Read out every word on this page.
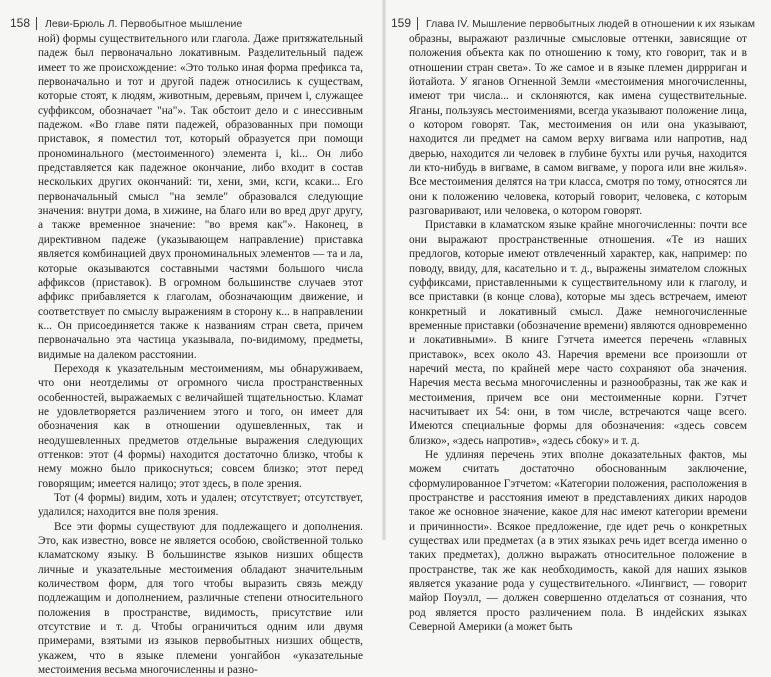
158 Леви-Брюль Л. Первобытное мышление

ной) формы существительного или глагола. Даже притяжательный падеж был первоначально локативным. Разделительный падеж имеет то же происхождение: «Это только иная форма префикса та, первоначально и тот и другой падеж относились к существам, которые стоят, к людям, животным, деревьям, причем i, служащее суффиксом, обозначает "на"». Так обстоит дело и с инессивным падежом. «Во главе пяти падежей, образованных при помощи приставок, я поместил тот, который образуется при помощи прономинального (местоименного) элемента i, ki... Он либо представляется как падежное окончание, либо входит в состав нескольких других окончаний: ти, хени, зми, ксги, ксаки... Его первоначальный смысл "на земле" образовался следующие значения: внутри дома, в хижине, на благо или во вред друг другу, а также временное значение: "во время как"». Наконец, в директивном падеже (указывающем направление) приставка является комбинацией двух прономинальных элементов — та и ла, которые оказываются составными частями большого числа аффиксов (приставок). В огромном большинстве случаев этот аффикс прибавляется к глаголам, обозначающим движение, и соответствует по смыслу выражениям в сторону к... в направлении к... Он присоединяется также к названиям стран света, причем первоначально эта частица указывала, по-видимому, предметы, видимые на далеком расстоянии.

Переходя к указательным местоимениям, мы обнаруживаем, что они неотделимы от огромного числа пространственных особенностей, выражаемых с величайшей тщательностью. Кламат не удовлетворяется различением этого и того, он имеет для обозначения как в отношении одушевленных, так и неодушевленных предметов отдельные выражения следующих оттенков: этот (4 формы) находится достаточно близко, чтобы к нему можно было прикоснуться; совсем близко; этот перед говорящим; имеется налицо; этот здесь, в поле зрения.

Тот (4 формы) видим, хоть и удален; отсутствует; отсутствует, удалился; находится вне поля зрения.

Все эти формы существуют для подлежащего и дополнения. Это, как известно, вовсе не является особою, свойственной только кламатскому языку. В большинстве языков низших обществ личные и указательные местоимения обладают значительным количеством форм, для того чтобы выразить связь между подлежащим и дополнением, различные степени относительного положения в пространстве, видимость, присутствие или отсутствие и т. д. Чтобы ограничиться одним или двумя примерами, взятыми из языков первобытных низших обществ, укажем, что в языке племени уонгайбон «указательные местоимения весьма многочисленны и разно-

159 Глава IV. Мышление первобытных людей в отношении к их языкам

образны, выражают различные смысловые оттенки, зависящие от положения объекта как по отношению к тому, кто говорит, так и в отношении стран света». То же самое и в языке племен диррриган и йотайота. У яганов Огненной Земли «местоимения многочисленны, имеют три числа... и склоняются, как имена существительные. Яганы, пользуясь местоимениями, всегда указывают положение лица, о котором говорят. Так, местоимения он или она указывают, находится ли предмет на самом верху вигвама или напротив, над дверью, находится ли человек в глубине бухты или ручья, находится ли кто-нибудь в вигваме, в самом вигваме, у порога или вне жилья». Все местоимения делятся на три класса, смотря по тому, относятся ли они к положению человека, который говорит, человека, с которым разговаривают, или человека, о котором говорят.

Приставки в кламатском языке крайне многочисленны: почти все они выражают пространственные отношения. «Те из наших предлогов, которые имеют отвлеченный характер, как, например: по поводу, ввиду, для, касательно и т. д., выражены зимателом сложных суффиксами, приставленными к существительному или к глаголу, и все приставки (в конце слова), которые мы здесь встречаем, имеют конкретный и локативный смысл. Даже немногочисленные временные приставки (обозначение времени) являются одновременно и локативными». В книге Гэтчета имеется перечень «главных приставок», всех около 43. Наречия времени все произошли от наречий места, по крайней мере часто сохраняют оба значения. Наречия места весьма многочисленны и разнообразны, так же как и местоимения, причем все они местоименные корни. Гэтчет насчитывает их 54: они, в том числе, встречаются чаще всего. Имеются специальные формы для обозначения: «здесь совсем близко», «здесь напротив», «здесь сбоку» и т. д.

Не удлиняя перечень этих вполне доказательных фактов, мы можем считать достаточно обоснованным заключение, сформулированное Гэтчетом: «Категории положения, расположения в пространстве и расстояния имеют в представлениях диких народов такое же основное значение, какое для нас имеют категории времени и причинности». Всякое предложение, где идет речь о конкретных существах или предметах (а в этих языках речь идет всегда именно о таких предметах), должно выражать относительное положение в пространстве, так же как необходимость, какой для наших языков является указание рода у существительного. «Лингвист, — говорит майор Поуэлл, — должен совершенно отделаться от сознания, что род является просто различением пола. В индейских языках Северной Америки (а может быть
